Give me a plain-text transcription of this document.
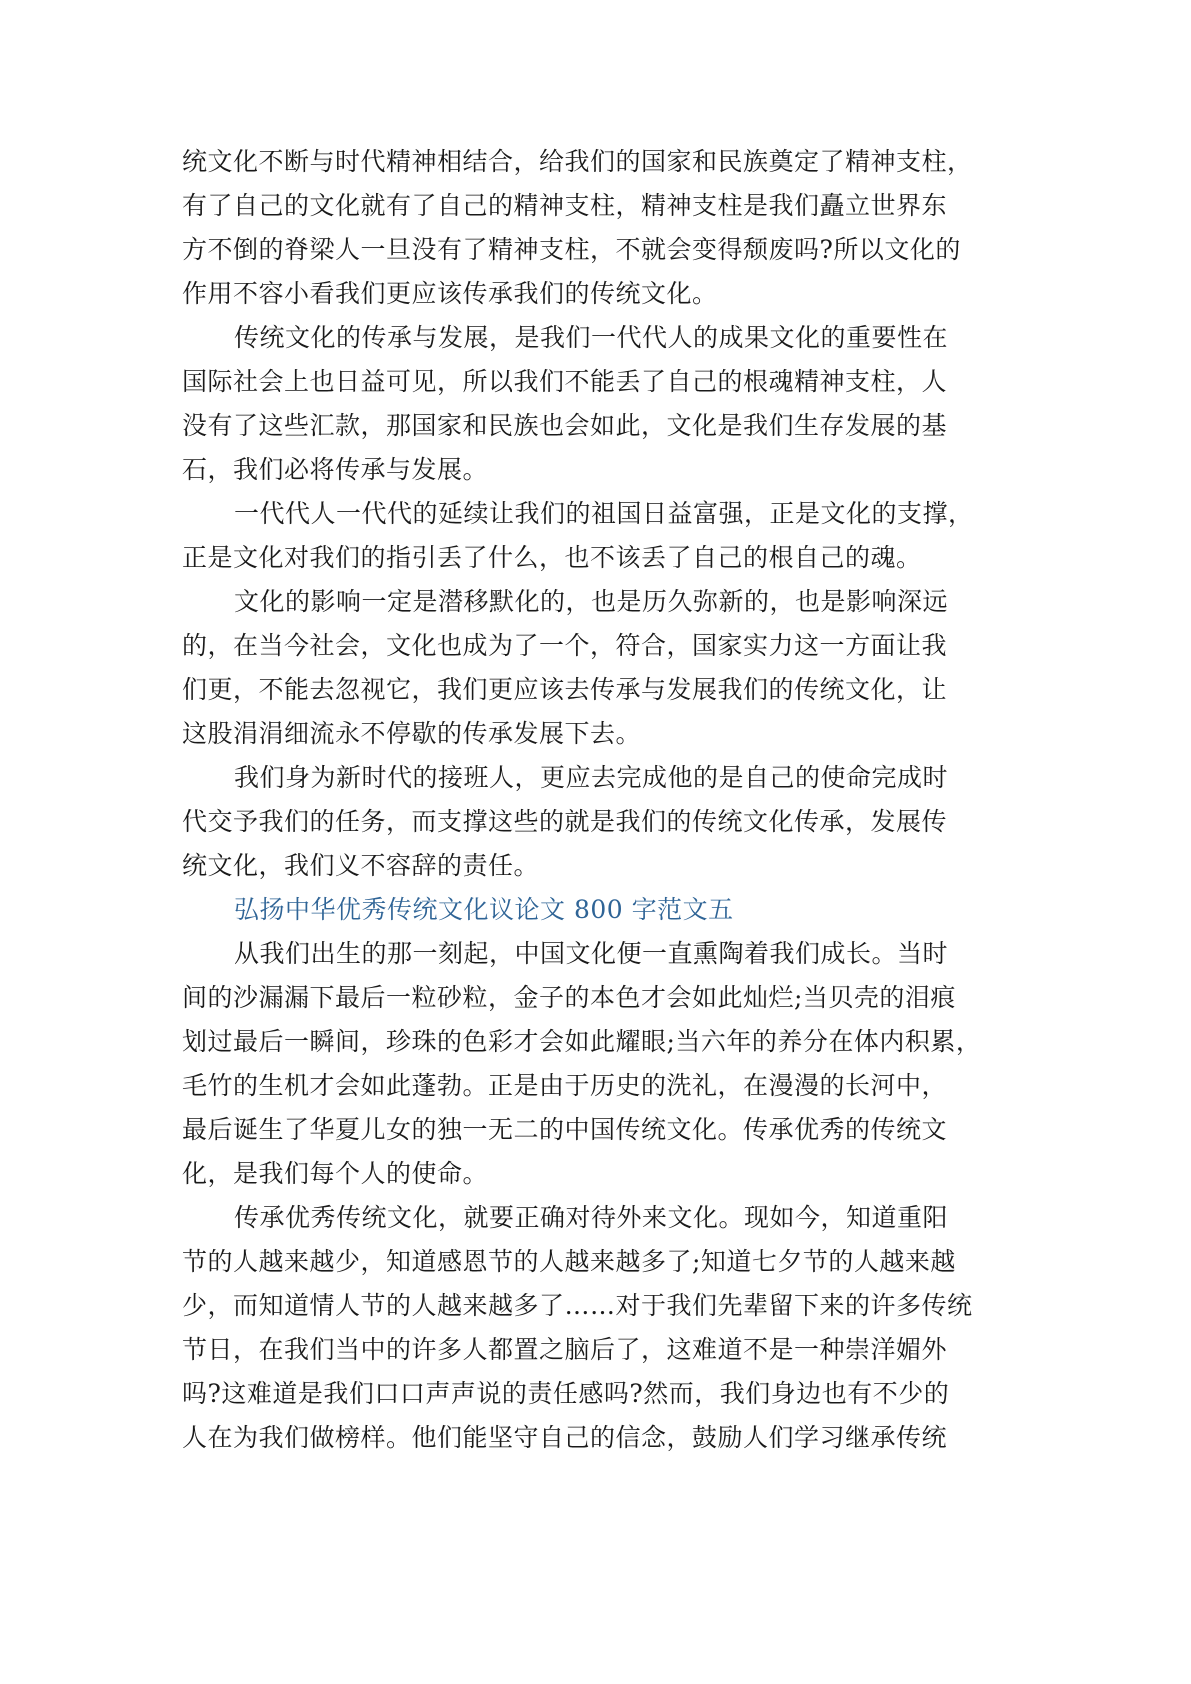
统文化不断与时代精神相结合，给我们的国家和民族奠定了精神支柱，
有了自己的文化就有了自己的精神支柱，精神支柱是我们矗立世界东
方不倒的脊梁人一旦没有了精神支柱，不就会变得颓废吗?所以文化的
作用不容小看我们更应该传承我们的传统文化。
传统文化的传承与发展，是我们一代代人的成果文化的重要性在
国际社会上也日益可见，所以我们不能丢了自己的根魂精神支柱，人
没有了这些汇款，那国家和民族也会如此，文化是我们生存发展的基
石，我们必将传承与发展。
一代代人一代代的延续让我们的祖国日益富强，正是文化的支撑，
正是文化对我们的指引丢了什么，也不该丢了自己的根自己的魂。
文化的影响一定是潜移默化的，也是历久弥新的，也是影响深远
的，在当今社会，文化也成为了一个，符合，国家实力这一方面让我
们更，不能去忽视它，我们更应该去传承与发展我们的传统文化，让
这股涓涓细流永不停歇的传承发展下去。
我们身为新时代的接班人，更应去完成他的是自己的使命完成时
代交予我们的任务，而支撑这些的就是我们的传统文化传承，发展传
统文化，我们义不容辞的责任。
弘扬中华优秀传统文化议论文 800 字范文五
从我们出生的那一刻起，中国文化便一直熏陶着我们成长。当时
间的沙漏漏下最后一粒砂粒，金子的本色才会如此灿烂;当贝壳的泪痕
划过最后一瞬间，珍珠的色彩才会如此耀眼;当六年的养分在体内积累，
毛竹的生机才会如此蓬勃。正是由于历史的洗礼，在漫漫的长河中，
最后诞生了华夏儿女的独一无二的中国传统文化。传承优秀的传统文
化，是我们每个人的使命。
传承优秀传统文化，就要正确对待外来文化。现如今，知道重阳
节的人越来越少，知道感恩节的人越来越多了;知道七夕节的人越来越
少，而知道情人节的人越来越多了……对于我们先辈留下来的许多传统
节日，在我们当中的许多人都置之脑后了，这难道不是一种崇洋媚外
吗?这难道是我们口口声声说的责任感吗?然而，我们身边也有不少的
人在为我们做榜样。他们能坚守自己的信念，鼓励人们学习继承传统
